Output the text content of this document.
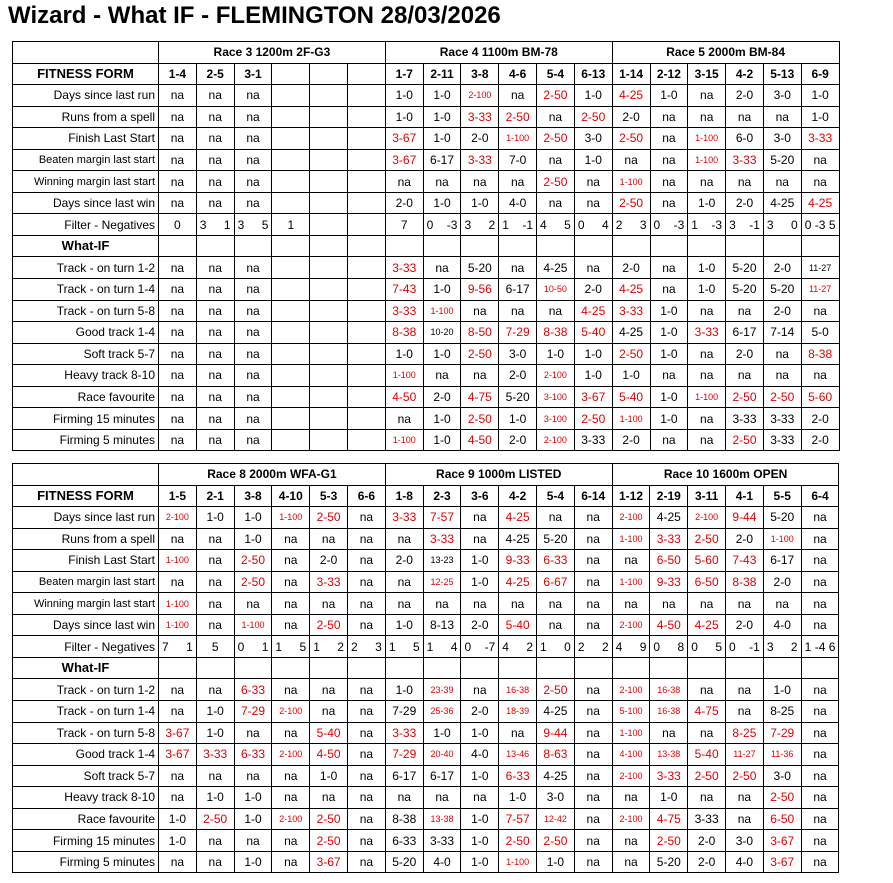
Wizard - What IF - FLEMINGTON 28/03/2026
	Race 3 1200m 2F-G3						Race 4 1100m BM-78						Race 5 2000m BM-84					
FITNESS FORM	1-4	2-5	3-1				1-7	2-11	3-8	4-6	5-4	6-13	1-14	2-12	3-15	4-2	5-13	6-9
Days since last run	na	na	na				1-0	1-0	2-100	na	2-50	1-0	4-25	1-0	na	2-0	3-0	1-0
Runs from a spell	na	na	na				1-0	1-0	3-33	2-50	na	2-50	2-0	na	na	na	na	1-0
Finish Last Start	na	na	na				3-67	1-0	2-0	1-100	2-50	3-0	2-50	na	1-100	6-0	3-0	3-33
Beaten margin last start	na	na	na				3-67	6-17	3-33	7-0	na	1-0	na	na	1-100	3-33	5-20	na
Winning margin last start	na	na	na				na	na	na	na	2-50	na	1-100	na	na	na	na	na
Days since last win	na	na	na				2-0	1-0	1-0	4-0	na	na	2-50	na	1-0	2-0	4-25	4-25
Filter - Negatives	0	3 1	3 5	1			7	0 -3	3 2	1 -1	4 5	0 4	2 3	0 -3	1 -3	3 -1	3 0	0 -3 5

What-IF																		
Track - on turn 1-2	na	na	na				3-33	na	5-20	na	4-25	na	2-0	na	1-0	5-20	2-0	11-27
Track - on turn 1-4	na	na	na				7-43	1-0	9-56	6-17	10-50	2-0	4-25	na	1-0	5-20	5-20	11-27
Track - on turn 5-8	na	na	na				3-33	1-100	na	na	na	4-25	3-33	1-0	na	na	2-0	na
Good track 1-4	na	na	na				8-38	10-20	8-50	7-29	8-38	5-40	4-25	1-0	3-33	6-17	7-14	5-0
Soft track 5-7	na	na	na				1-0	1-0	2-50	3-0	1-0	1-0	2-50	1-0	na	2-0	na	8-38
Heavy track 8-10	na	na	na				1-100	na	na	2-0	2-100	1-0	1-0	na	na	na	na	na
Race favourite	na	na	na				4-50	2-0	4-75	5-20	3-100	3-67	5-40	1-0	1-100	2-50	2-50	5-60
Firming 15 minutes	na	na	na				na	1-0	2-50	1-0	3-100	2-50	1-100	1-0	na	3-33	3-33	2-0
Firming 5 minutes	na	na	na				1-100	1-0	4-50	2-0	2-100	3-33	2-0	na	na	2-50	3-33	2-0
	Race 8 2000m WFA-G1						Race 9 1000m LISTED						Race 10 1600m OPEN					
FITNESS FORM	1-5	2-1	3-8	4-10	5-3	6-6	1-8	2-3	3-6	4-2	5-4	6-14	1-12	2-19	3-11	4-1	5-5	6-4
Days since last run	2-100	1-0	1-0	1-100	2-50	na	3-33	7-57	na	4-25	na	na	2-100	4-25	2-100	9-44	5-20	na
Runs from a spell	na	na	1-0	na	na	na	na	3-33	na	4-25	5-20	na	1-100	3-33	2-50	2-0	1-100	na
Finish Last Start	1-100	na	2-50	na	2-0	na	2-0	13-23	1-0	9-33	6-33	na	na	6-50	5-60	7-43	6-17	na
Beaten margin last start	na	na	2-50	na	3-33	na	na	12-25	1-0	4-25	6-67	na	1-100	9-33	6-50	8-38	2-0	na
Winning margin last start	1-100	na	na	na	na	na	na	na	na	na	na	na	na	na	na	na	na	na
Days since last win	1-100	na	1-100	na	2-50	na	1-0	8-13	2-0	5-40	na	na	2-100	4-50	4-25	2-0	4-0	na
Filter - Negatives	7 1	5	0 1	1 5	1 2	2 3	1 5	1 4	0 -7	4 2	1 0	2 2	4 9	0 8	0 5	0 -1	3 2	1 -4 6

What-IF																		
Track - on turn 1-2	na	na	6-33	na	na	na	1-0	23-39	na	16-38	2-50	na	2-100	16-38	na	na	1-0	na
Track - on turn 1-4	na	1-0	7-29	2-100	na	na	7-29	25-36	2-0	18-39	4-25	na	5-100	16-38	4-75	na	8-25	na
Track - on turn 5-8	3-67	1-0	na	na	5-40	na	3-33	1-0	1-0	na	9-44	na	1-100	na	na	8-25	7-29	na
Good track 1-4	3-67	3-33	6-33	2-100	4-50	na	7-29	20-40	4-0	13-46	8-63	na	4-100	13-38	5-40	11-27	11-36	na
Soft track 5-7	na	na	na	na	1-0	na	6-17	6-17	1-0	6-33	4-25	na	2-100	3-33	2-50	2-50	3-0	na
Heavy track 8-10	na	1-0	1-0	na	na	na	na	na	na	1-0	3-0	na	na	1-0	na	na	2-50	na
Race favourite	1-0	2-50	1-0	2-100	2-50	na	8-38	13-38	1-0	7-57	12-42	na	2-100	4-75	3-33	na	6-50	na
Firming 15 minutes	1-0	na	na	na	2-50	na	6-33	3-33	1-0	2-50	2-50	na	na	2-50	2-0	3-0	3-67	na
Firming 5 minutes	na	na	1-0	na	3-67	na	5-20	4-0	1-0	1-100	1-0	na	na	5-20	2-0	4-0	3-67	na
